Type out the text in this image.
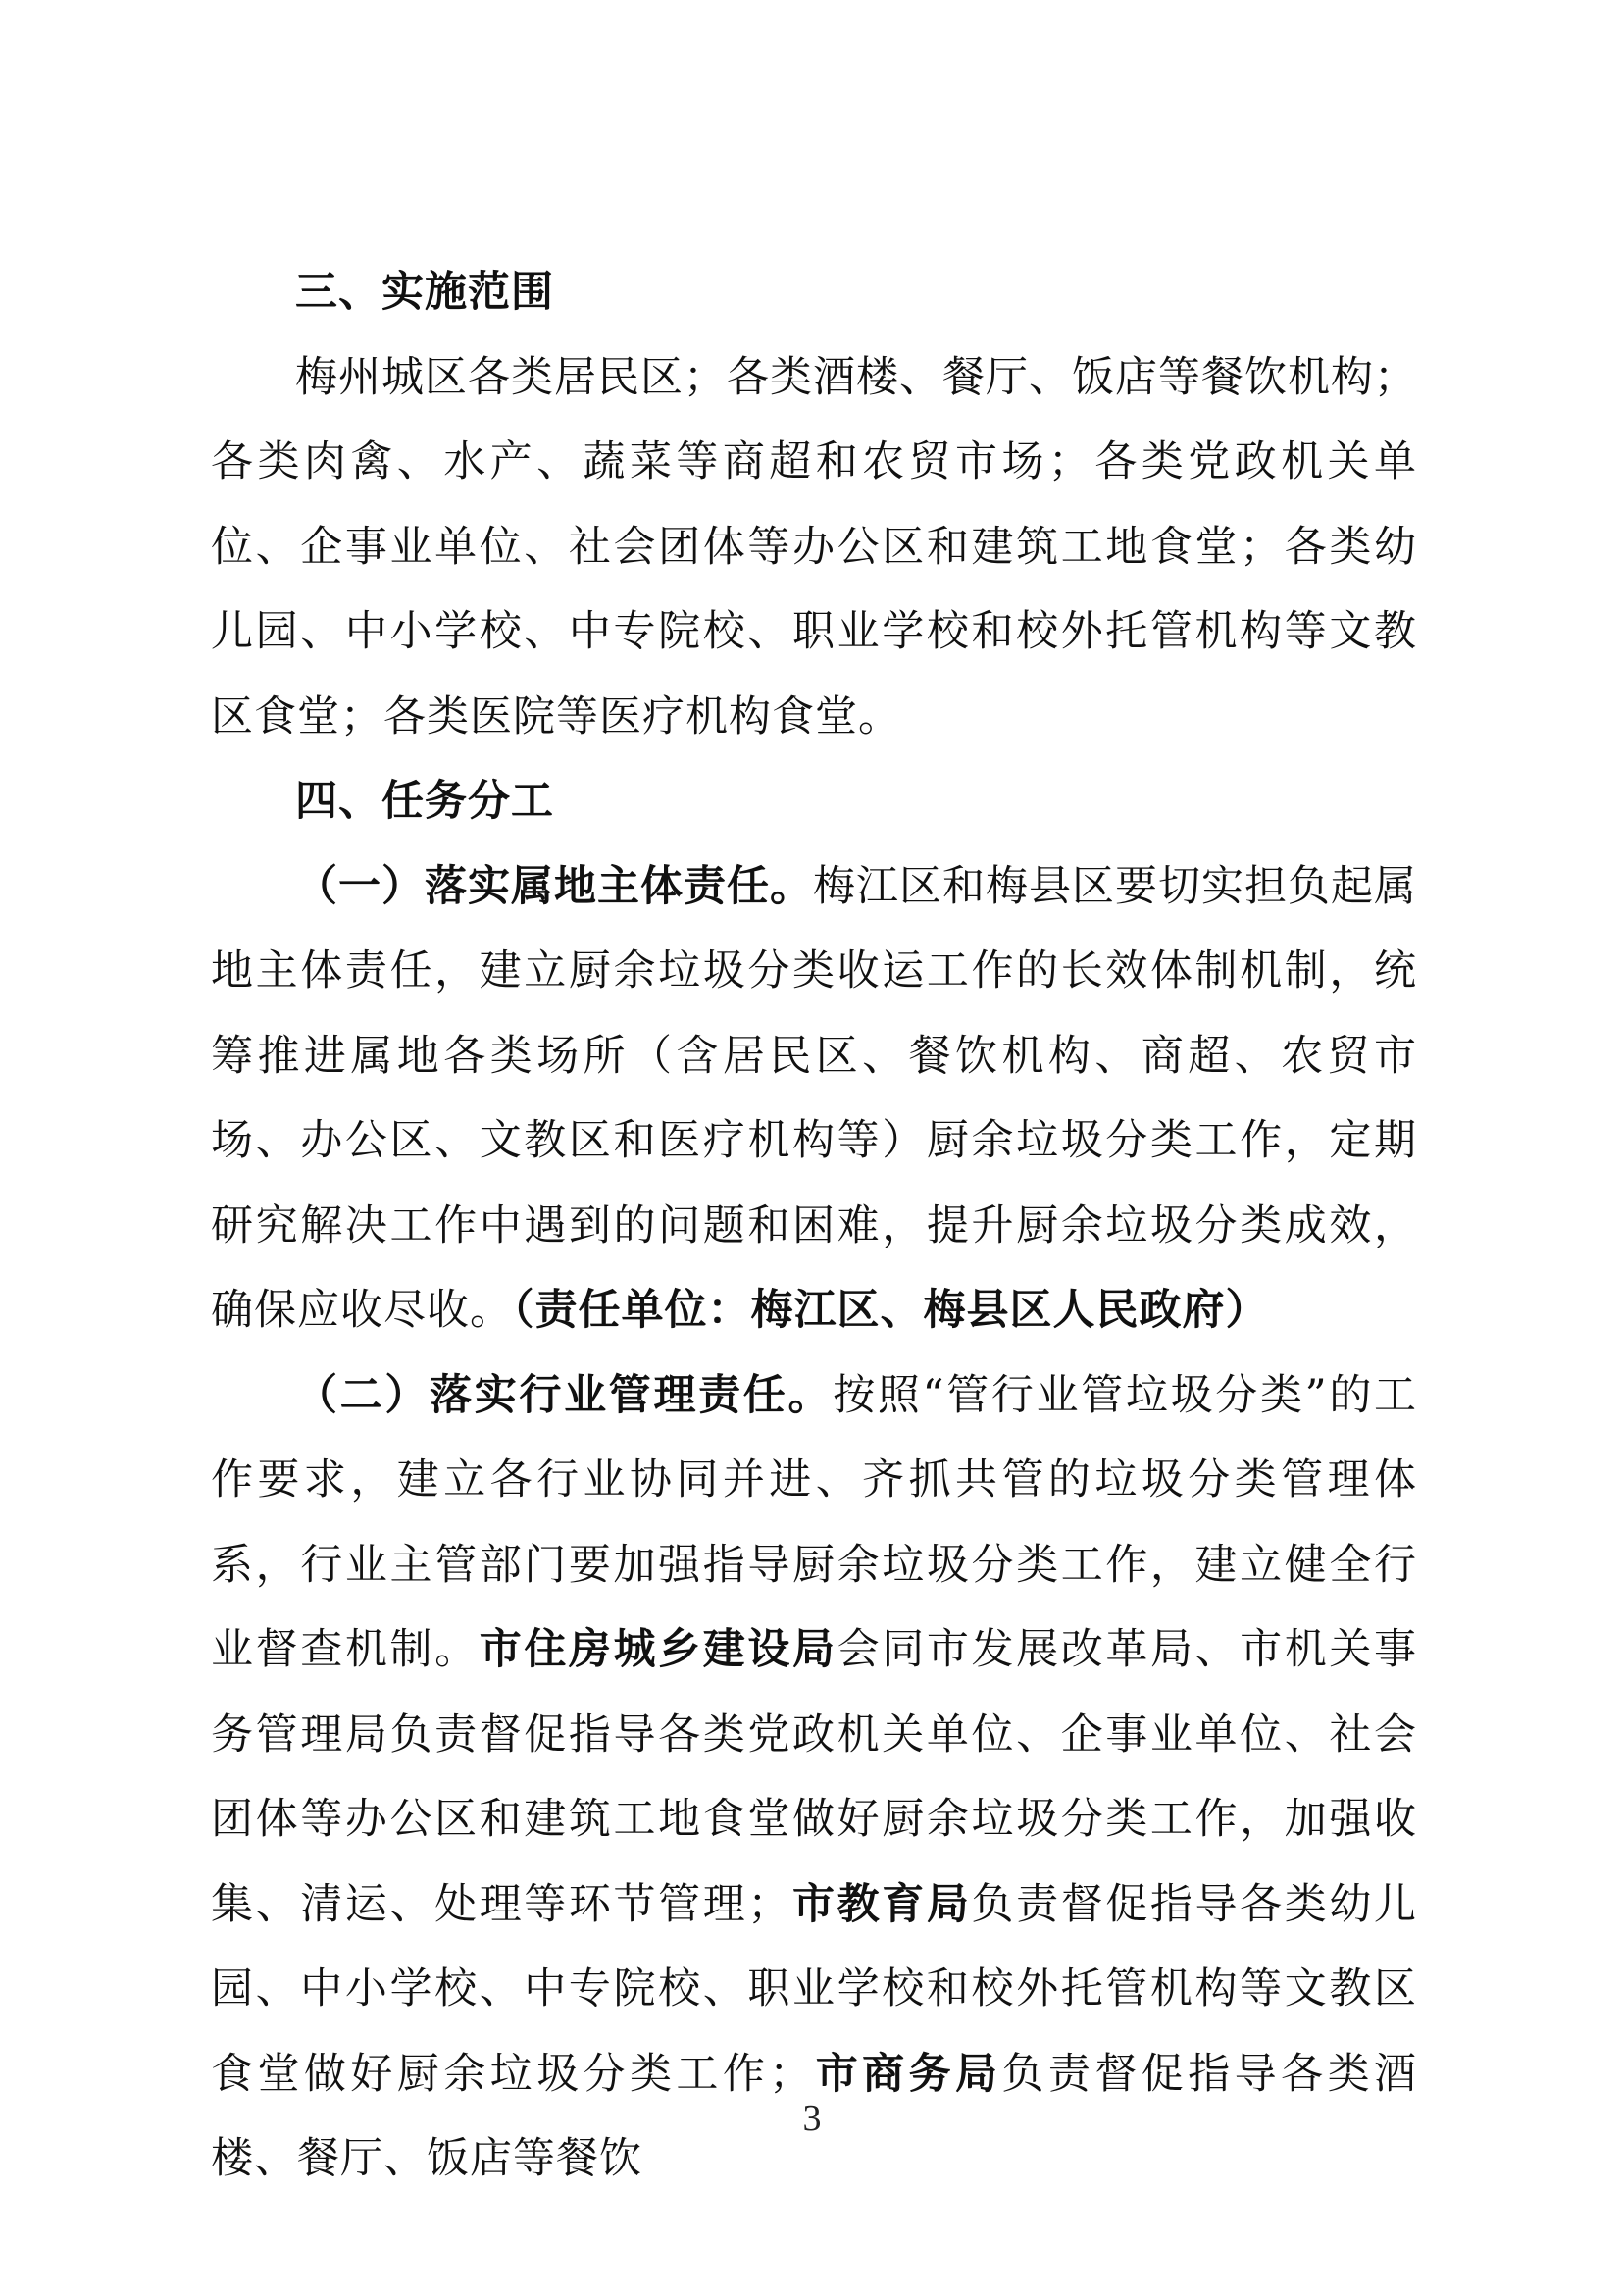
三、实施范围

梅州城区各类居民区；各类酒楼、餐厅、饭店等餐饮机构；各类肉禽、水产、蔬菜等商超和农贸市场；各类党政机关单位、企事业单位、社会团体等办公区和建筑工地食堂；各类幼儿园、中小学校、中专院校、职业学校和校外托管机构等文教区食堂；各类医院等医疗机构食堂。

四、任务分工

（一）落实属地主体责任。梅江区和梅县区要切实担负起属地主体责任，建立厨余垃圾分类收运工作的长效体制机制，统筹推进属地各类场所（含居民区、餐饮机构、商超、农贸市场、办公区、文教区和医疗机构等）厨余垃圾分类工作，定期研究解决工作中遇到的问题和困难，提升厨余垃圾分类成效，确保应收尽收。（责任单位：梅江区、梅县区人民政府）

（二）落实行业管理责任。按照“管行业管垃圾分类”的工作要求，建立各行业协同并进、齐抓共管的垃圾分类管理体系，行业主管部门要加强指导厨余垃圾分类工作，建立健全行业督查机制。市住房城乡建设局会同市发展改革局、市机关事务管理局负责督促指导各类党政机关单位、企事业单位、社会团体等办公区和建筑工地食堂做好厨余垃圾分类工作，加强收集、清运、处理等环节管理；市教育局负责督促指导各类幼儿园、中小学校、中专院校、职业学校和校外托管机构等文教区食堂做好厨余垃圾分类工作；市商务局负责督促指导各类酒楼、餐厅、饭店等餐饮

3
